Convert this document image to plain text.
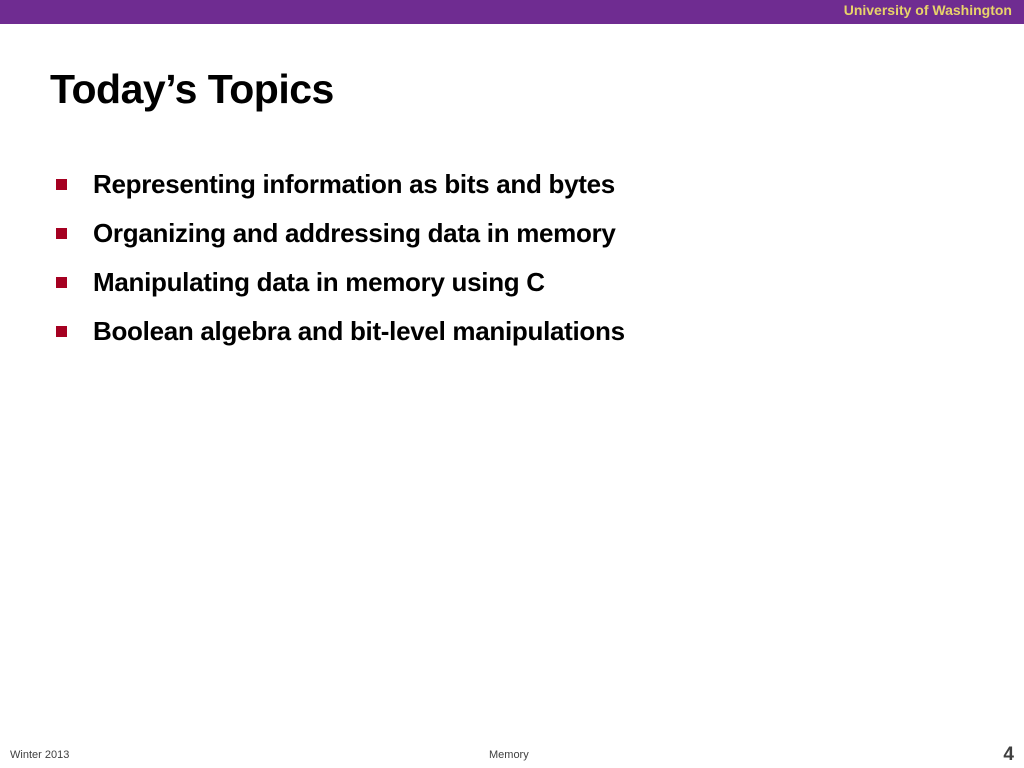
University of Washington
Today’s Topics
Representing information as bits and bytes
Organizing and addressing data in memory
Manipulating data in memory using C
Boolean algebra and bit-level manipulations
Winter 2013	Memory	4
